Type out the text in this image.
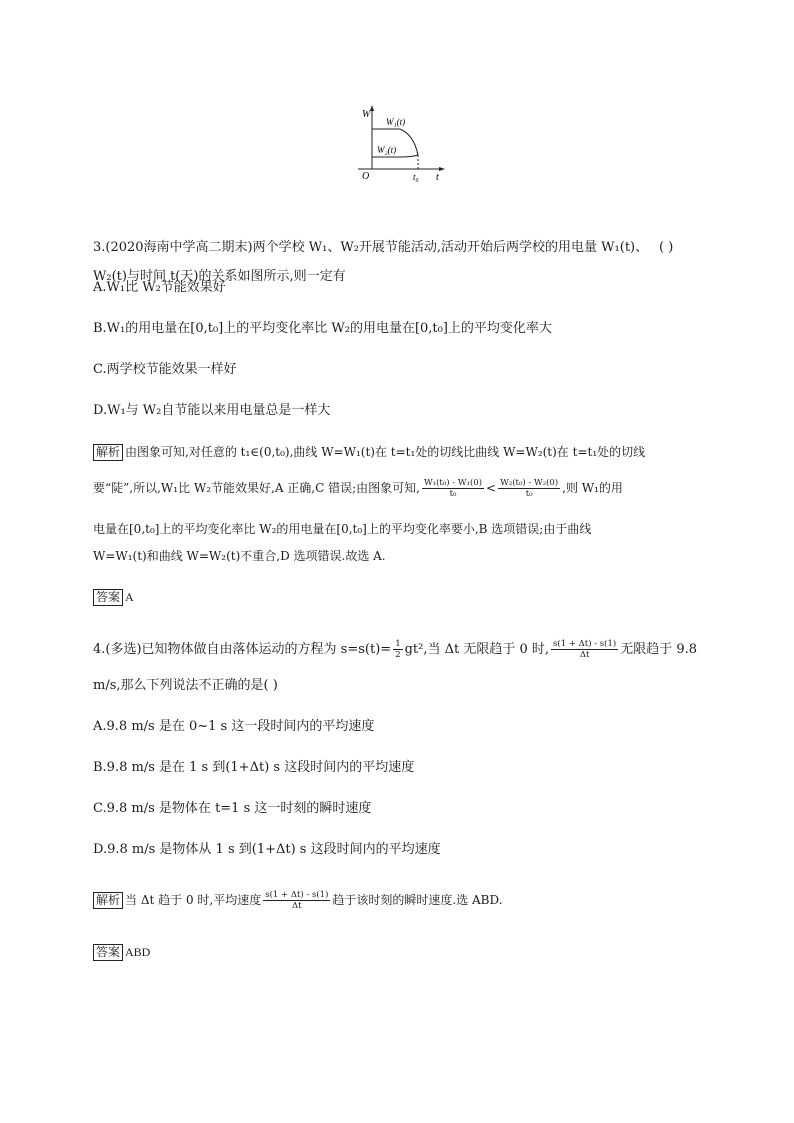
W
t
O	t₀
W₁(t)
W₂(t)
3.(2020海南中学高二期末)两个学校 W₁、W₂开展节能活动,活动开始后两学校的用电量 W₁(t)、
W₂(t)与时间 t(天)的关系如图所示,则一定有
( )
A.W₁比 W₂节能效果好
B.W₁的用电量在[0,t₀]上的平均变化率比 W₂的用电量在[0,t₀]上的平均变化率大
C.两学校节能效果一样好
D.W₁与 W₂自节能以来用电量总是一样大
解析 由图象可知,对任意的 t₁∈(0,t₀),曲线 W=W₁(t)在 t=t₁处的切线比曲线 W=W₂(t)在 t=t₁处的切线
要“陡”,所以,W₁比 W₂节能效果好,A 正确,C 错误;由图象可知, $\frac{\text{W₁(t₀) - W₁(0)}}{\text{t₀}} < \frac{\text{W₂(t₀) - W₂(0)}}{\text{t₀}}$ ,则 W₁的用
电量在[0,t₀]上的平均变化率比 W₂的用电量在[0,t₀]上的平均变化率要小,B 选项错误;由于曲线
W=W₁(t)和曲线 W=W₂(t)不重合,D 选项错误.故选 A.
答案 A
4.(多选)已知物体做自由落体运动的方程为 $s=s(t)= \frac{1}{2} gt^2$,当 Δt 无限趋于 0 时, $\frac{s(1 + \Delta t) - s(1)}{\Delta t}$ 无限趋于 9.8
m/s,那么下列说法不正确的是( )
A.9.8 m/s 是在 0~1 s 这一段时间内的平均速度
B.9.8 m/s 是在 1 s 到(1+Δt) s 这段时间内的平均速度
C.9.8 m/s 是物体在 t=1 s 这一时刻的瞬时速度
D.9.8 m/s 是物体从 1 s 到(1+Δt) s 这段时间内的平均速度
解析 当 Δt 趋于 0 时,平均速度 $\frac{s(1 + \Delta t) - s(1)}{\Delta t}$ 趋于该时刻的瞬时速度.选 ABD.
答案 ABD
